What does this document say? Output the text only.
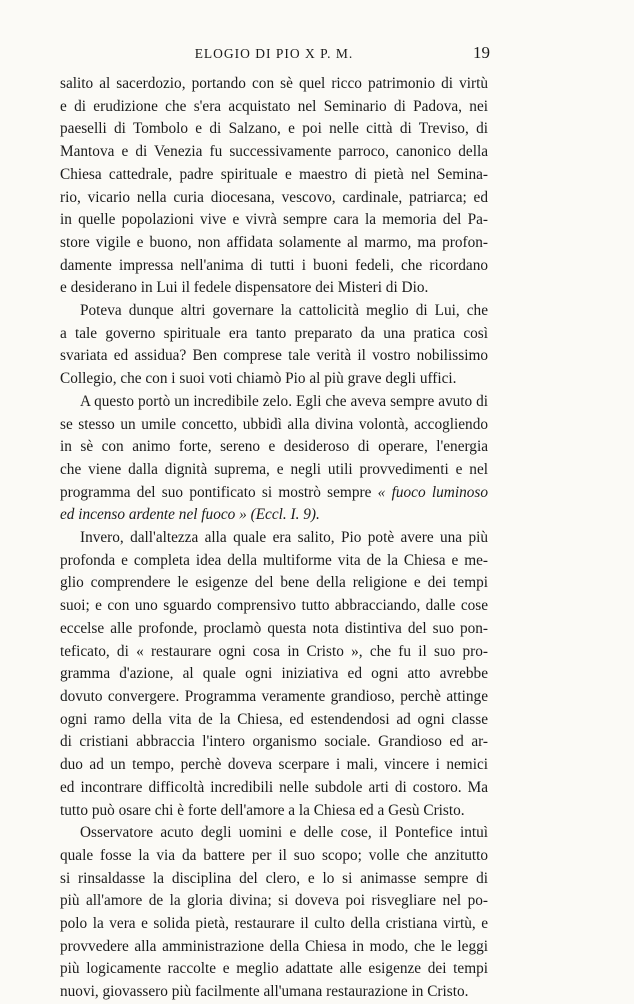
ELOGIO DI PIO X P. M.	19
salito al sacerdozio, portando con sè quel ricco patrimonio di virtù
e di erudizione che s'era acquistato nel Seminario di Padova, nei
paeselli di Tombolo e di Salzano, e poi nelle città di Treviso, di
Mantova e di Venezia fu successivamente parroco, canonico della
Chiesa cattedrale, padre spirituale e maestro di pietà nel Semina-
rio, vicario nella curia diocesana, vescovo, cardinale, patriarca; ed
in quelle popolazioni vive e vivrà sempre cara la memoria del Pa-
store vigile e buono, non affidata solamente al marmo, ma profon-
damente impressa nell'anima di tutti i buoni fedeli, che ricordano
e desiderano in Lui il fedele dispensatore dei Misteri di Dio.
Poteva dunque altri governare la cattolicità meglio di Lui, che
a tale governo spirituale era tanto preparato da una pratica così
svariata ed assidua? Ben comprese tale verità il vostro nobilissimo
Collegio, che con i suoi voti chiamò Pio al più grave degli uffici.
A questo portò un incredibile zelo. Egli che aveva sempre avuto di
se stesso un umile concetto, ubbidì alla divina volontà, accogliendo
in sè con animo forte, sereno e desideroso di operare, l'energia
che viene dalla dignità suprema, e negli utili provvedimenti e nel
programma del suo pontificato si mostrò sempre « fuoco luminoso
ed incenso ardente nel fuoco » (Eccl. I. 9).
Invero, dall'altezza alla quale era salito, Pio potè avere una più
profonda e completa idea della multiforme vita de la Chiesa e me-
glio comprendere le esigenze del bene della religione e dei tempi
suoi; e con uno sguardo comprensivo tutto abbracciando, dalle cose
eccelse alle profonde, proclamò questa nota distintiva del suo pon-
teficato, di « restaurare ogni cosa in Cristo », che fu il suo pro-
gramma d'azione, al quale ogni iniziativa ed ogni atto avrebbe
dovuto convergere. Programma veramente grandioso, perchè attinge
ogni ramo della vita de la Chiesa, ed estendendosi ad ogni classe
di cristiani abbraccia l'intero organismo sociale. Grandioso ed ar-
duo ad un tempo, perchè doveva scerpare i mali, vincere i nemici
ed incontrare difficoltà incredibili nelle subdole arti di costoro. Ma
tutto può osare chi è forte dell'amore a la Chiesa ed a Gesù Cristo.
Osservatore acuto degli uomini e delle cose, il Pontefice intuì
quale fosse la via da battere per il suo scopo; volle che anzitutto
si rinsaldasse la disciplina del clero, e lo si animasse sempre di
più all'amore de la gloria divina; si doveva poi risvegliare nel po-
polo la vera e solida pietà, restaurare il culto della cristiana virtù, e
provvedere alla amministrazione della Chiesa in modo, che le leggi
più logicamente raccolte e meglio adattate alle esigenze dei tempi
nuovi, giovassero più facilmente all'umana restaurazione in Cristo.
